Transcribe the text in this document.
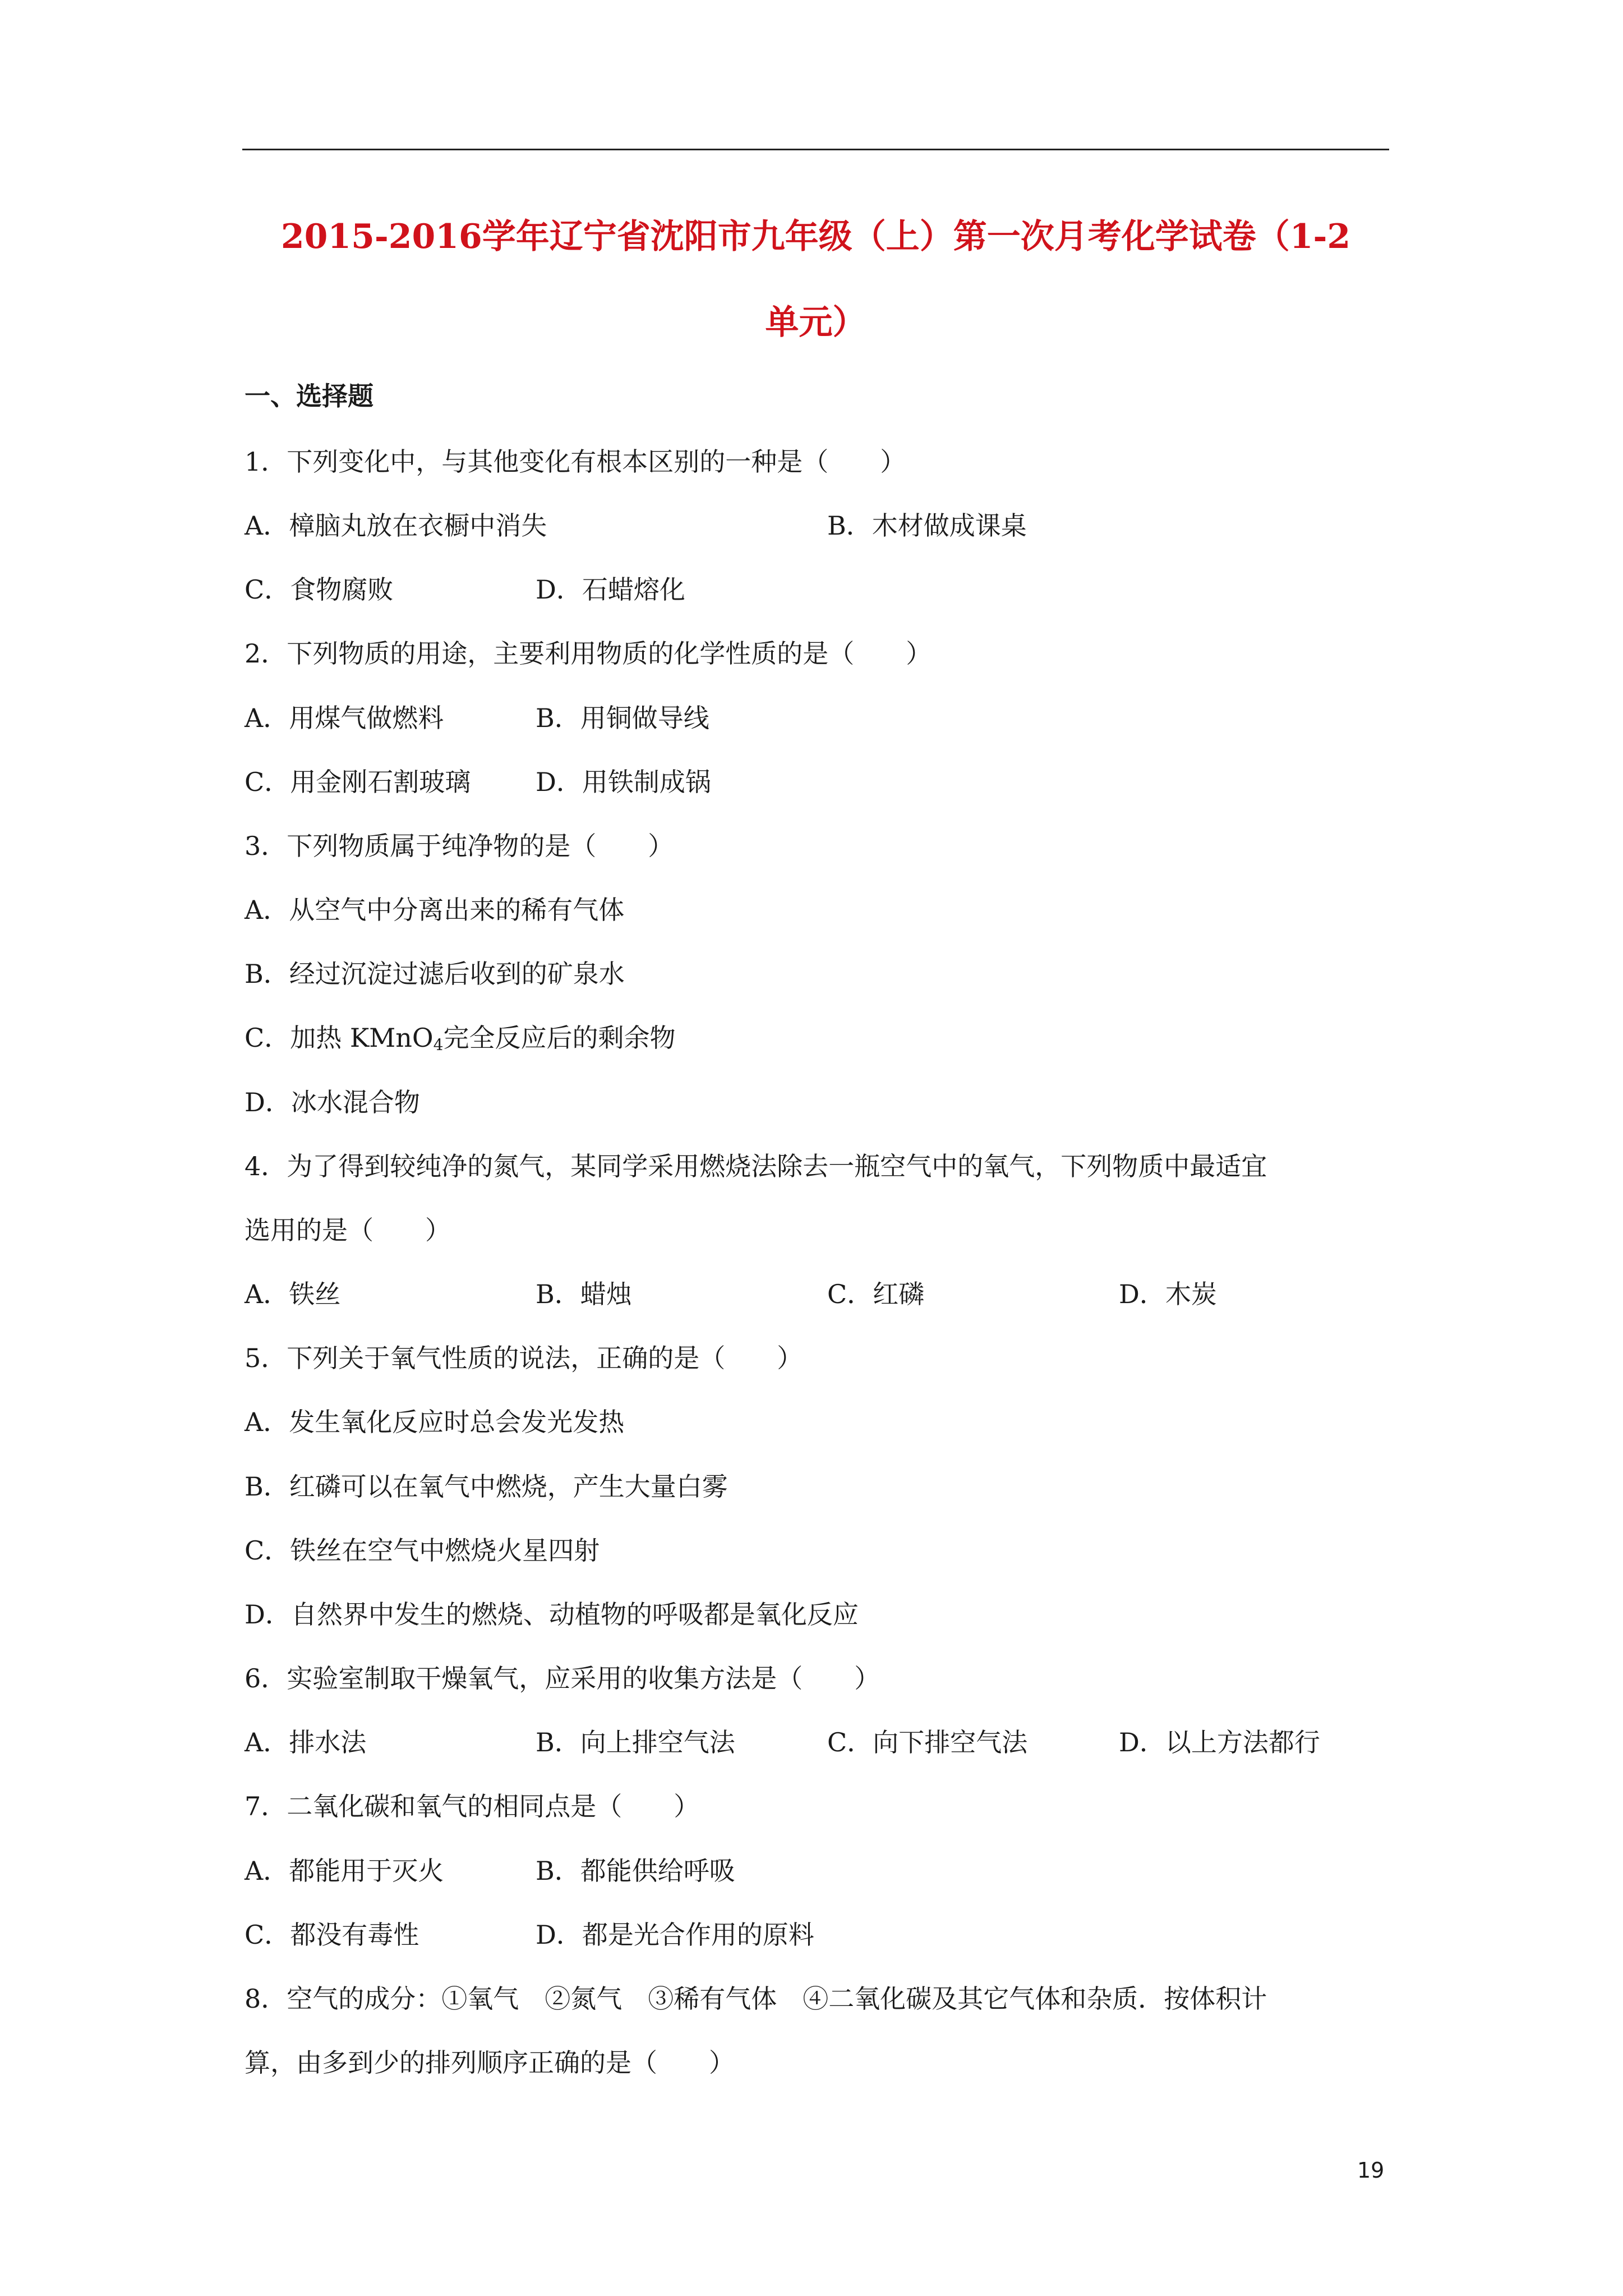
2015-2016学年辽宁省沈阳市九年级（上）第一次月考化学试卷（1-2
单元）
一、选择题
1．下列变化中，与其他变化有根本区别的一种是（　　）
A．樟脑丸放在衣橱中消失	B．木材做成课桌
C．食物腐败	D．石蜡熔化
2．下列物质的用途，主要利用物质的化学性质的是（　　）
A．用煤气做燃料	B．用铜做导线
C．用金刚石割玻璃	D．用铁制成锅
3．下列物质属于纯净物的是（　　）
A．从空气中分离出来的稀有气体
B．经过沉淀过滤后收到的矿泉水
C．加热 KMnO$_4$完全反应后的剩余物
D．冰水混合物
4．为了得到较纯净的氮气，某同学采用燃烧法除去一瓶空气中的氧气，下列物质中最适宜
选用的是（　　）
A．铁丝	B．蜡烛	C．红磷	D．木炭
5．下列关于氧气性质的说法，正确的是（　　）
A．发生氧化反应时总会发光发热
B．红磷可以在氧气中燃烧，产生大量白雾
C．铁丝在空气中燃烧火星四射
D．自然界中发生的燃烧、动植物的呼吸都是氧化反应
6．实验室制取干燥氧气，应采用的收集方法是（　　）
A．排水法	B．向上排空气法	C．向下排空气法	D．以上方法都行
7．二氧化碳和氧气的相同点是（　　）
A．都能用于灭火	B．都能供给呼吸
C．都没有毒性	D．都是光合作用的原料
8．空气的成分：①氧气　②氮气　③稀有气体　④二氧化碳及其它气体和杂质．按体积计
算，由多到少的排列顺序正确的是（　　）
19
